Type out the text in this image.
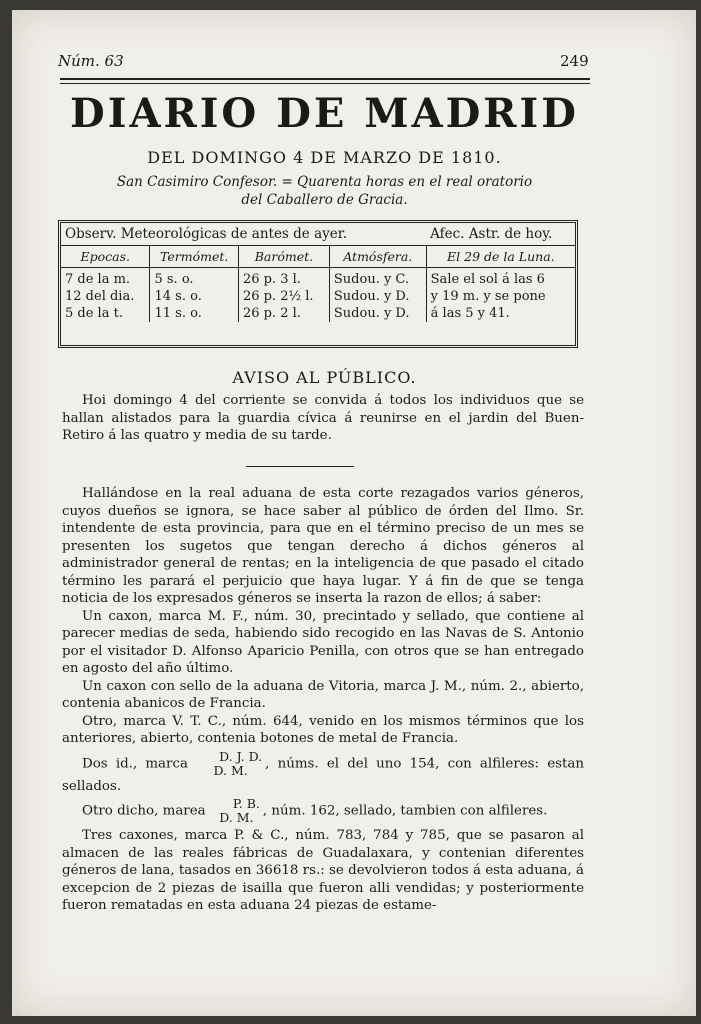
Núm. 63	249
DIARIO DE MADRID
DEL DOMINGO 4 DE MARZO DE 1810.
San Casimiro Confesor. = Quarenta horas en el real oratorio
del Caballero de Gracia.
Observ. Meteorológicas de antes de ayer.				Afec. Astr. de hoy.
Epocas.	Termómet.	Barómet.	Atmósfera.	El 29 de la Luna.
7 de la m.	5 s. o.	26 p. 3 l.	Sudou. y C.	Sale el sol á las 6
12 del dia.	14 s. o.	26 p. 2½ l.	Sudou. y D.	y 19 m. y se pone
5 de la t.	11 s. o.	26 p. 2 l.	Sudou. y D.	á las 5 y 41.
AVISO AL PÚBLICO.

Hoi domingo 4 del corriente se convida á todos los individuos que se hallan alistados para la guardia cívica á reunirse en el jardin del Buen-Retiro á las quatro y media de su tarde.

Hallándose en la real aduana de esta corte rezagados varios géneros, cuyos dueños se ignora, se hace saber al público de órden del Ilmo. Sr. intendente de esta provincia, para que en el término preciso de un mes se presenten los sugetos que tengan derecho á dichos géneros al administrador general de rentas; en la inteligencia de que pasado el citado término les parará el perjuicio que haya lugar. Y á fin de que se tenga noticia de los expresados géneros se inserta la razon de ellos; á saber:

Un caxon, marca M. F., núm. 30, precintado y sellado, que contiene al parecer medias de seda, habiendo sido recogido en las Navas de S. Antonio por el visitador D. Alfonso Aparicio Penilla, con otros que se han entregado en agosto del año último.

Un caxon con sello de la aduana de Vitoria, marca J. M., núm. 2., abierto, contenia abanicos de Francia.

Otro, marca V. T. C., núm. 644, venido en los mismos términos que los anteriores, abierto, contenia botones de metal de Francia.

Dos id., marca D. J. D.
D. M. , núms. el del uno 154, con alfileres: estan sellados.

Otro dicho, marea P. B.
D. M. , núm. 162, sellado, tambien con alfileres.

Tres caxones, marca P. & C., núm. 783, 784 y 785, que se pasaron al almacen de las reales fábricas de Guadalaxara, y contenian diferentes géneros de lana, tasados en 36618 rs.: se devolvieron todos á esta aduana, á excepcion de 2 piezas de isailla que fueron alli vendidas; y posteriormente fueron rematadas en esta aduana 24 piezas de estame-
